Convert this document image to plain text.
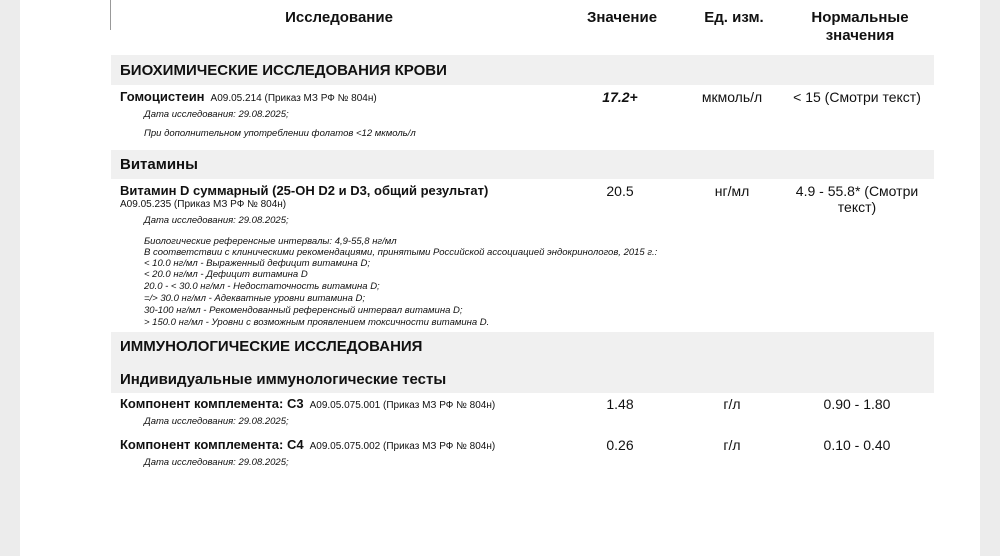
Исследование	Значение	Ед. изм.	Нормальные
значения
БИОХИМИЧЕСКИЕ ИССЛЕДОВАНИЯ КРОВИ
Гомоцистеин A09.05.214 (Приказ МЗ РФ № 804н)	17.2+	мкмоль/л	< 15 (Смотри текст)
Дата исследования: 29.08.2025;
При дополнительном употреблении фолатов <12 мкмоль/л
Витамины
Витамин D суммарный (25-OH D2 и D3, общий результат)
A09.05.235 (Приказ МЗ РФ № 804н)
20.5	нг/мл	4.9 - 55.8* (Смотри
текст)
Дата исследования: 29.08.2025;
Биологические референсные интервалы: 4,9-55,8 нг/мл
В соответствии с клиническими рекомендациями, принятыми Российской ассоциацией эндокринологов, 2015 г.:
< 10.0 нг/мл - Выраженный дефицит витамина D;
< 20.0 нг/мл - Дефицит витамина D
20.0 - < 30.0 нг/мл - Недостаточность витамина D;
=/> 30.0 нг/мл - Адекватные уровни витамина D;
30-100 нг/мл - Рекомендованный референсный интервал витамина D;
> 150.0 нг/мл - Уровни с возможным проявлением токсичности витамина D.
ИММУНОЛОГИЧЕСКИЕ ИССЛЕДОВАНИЯ
Индивидуальные иммунологические тесты
Компонент комплемента: C3 A09.05.075.001 (Приказ МЗ РФ № 804н)	1.48	г/л	0.90 - 1.80
Дата исследования: 29.08.2025;
Компонент комплемента: C4 A09.05.075.002 (Приказ МЗ РФ № 804н)	0.26	г/л	0.10 - 0.40
Дата исследования: 29.08.2025;
